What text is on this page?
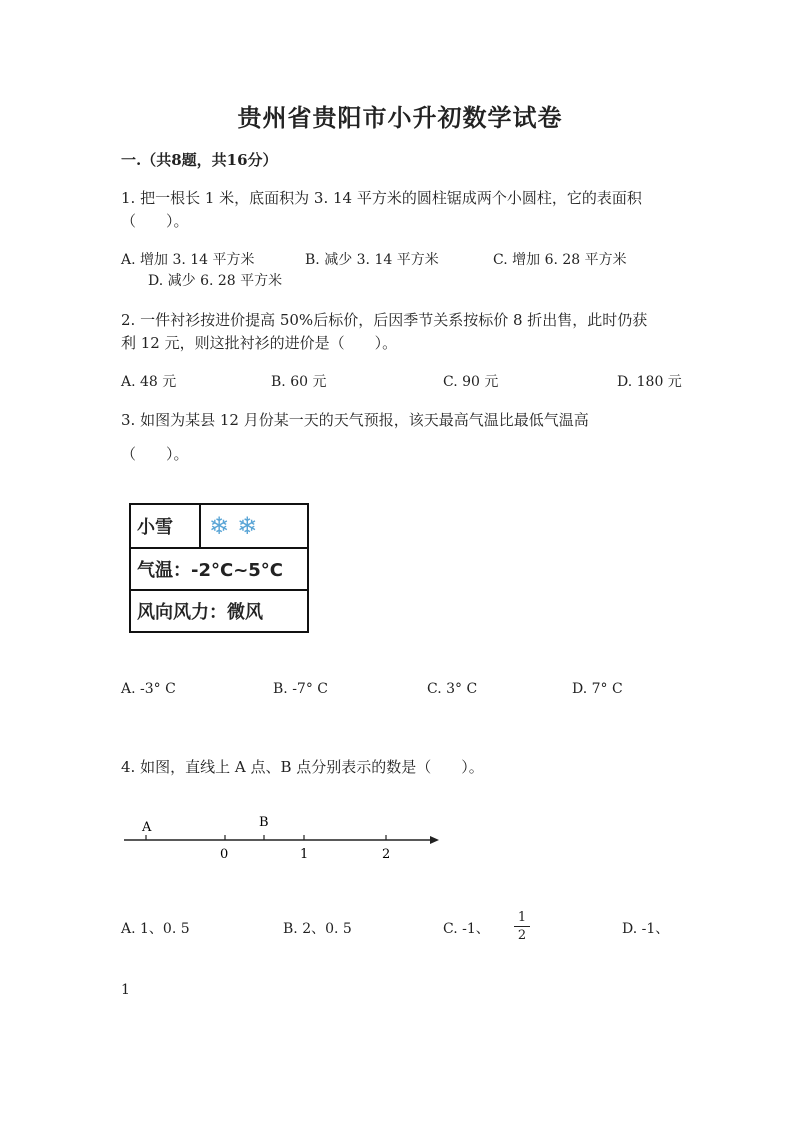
贵州省贵阳市小升初数学试卷
一.（共8题，共16分）
1. 把一根长 1 米，底面积为 3. 14 平方米的圆柱锯成两个小圆柱，它的表面积
（　　）。
A. 增加 3. 14 平方米	B. 减少 3. 14 平方米	C. 增加 6. 28 平方米
D. 减少 6. 28 平方米
2. 一件衬衫按进价提高 50%后标价，后因季节关系按标价 8 折出售，此时仍获
利 12 元，则这批衬衫的进价是（　　）。
A. 48 元	B. 60 元	C. 90 元	D. 180 元
3. 如图为某县 12 月份某一天的天气预报，该天最高气温比最低气温高
（　　）。
小雪 ❄ ❄
气温：-2°C~5°C
风向风力：微风
A. -3° C	B. -7° C	C. 3° C	D. 7° C
4. 如图，直线上 A 点、B 点分别表示的数是（　　）。
A	B
0	1	2
A. 1、0. 5	B. 2、0. 5	C. -1、
1
2	D. -1、
1
